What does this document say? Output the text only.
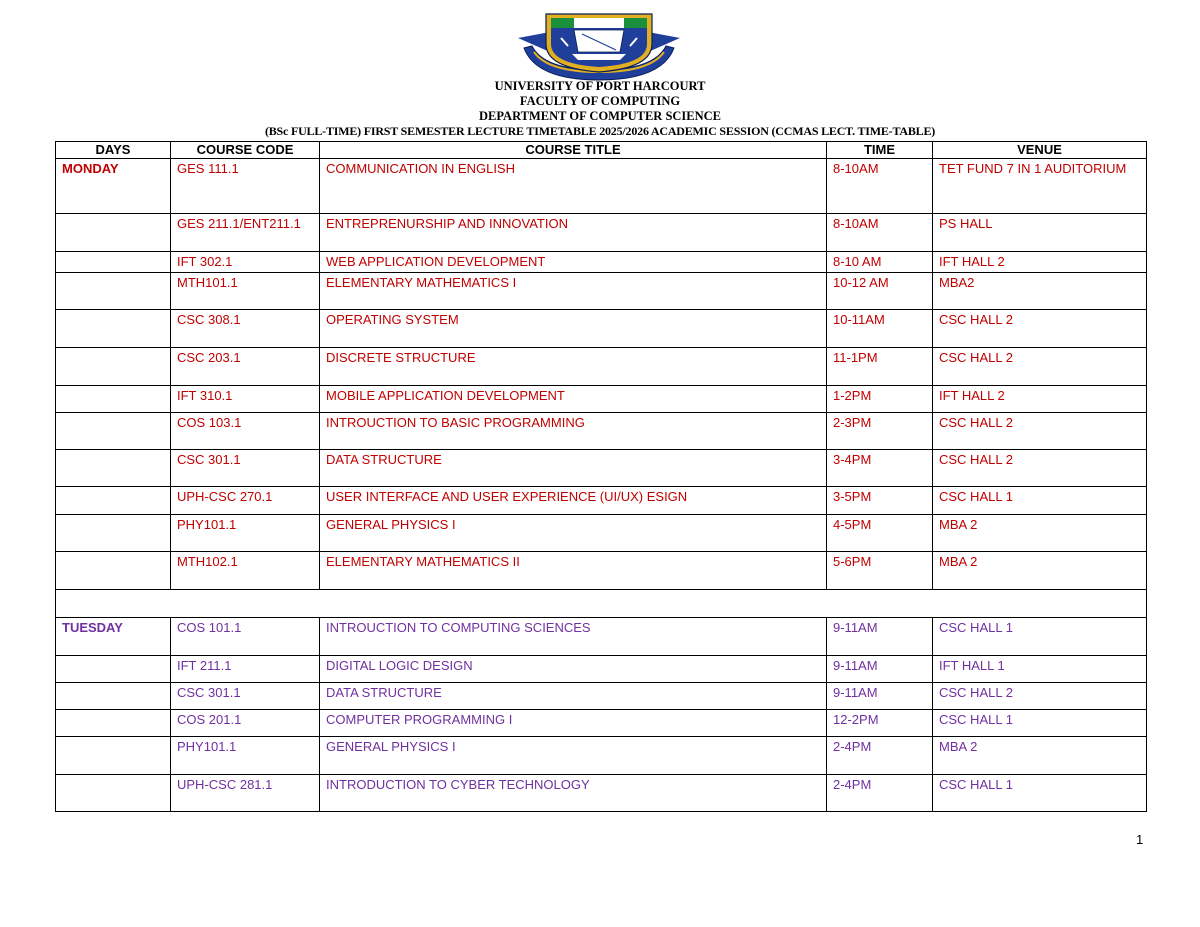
UNIVERSITY OF PORT HARCOURT
FACULTY OF COMPUTING
DEPARTMENT OF COMPUTER SCIENCE
(BSc FULL-TIME) FIRST SEMESTER LECTURE TIMETABLE 2025/2026 ACADEMIC SESSION (CCMAS LECT. TIME-TABLE)
DAYS	COURSE CODE	COURSE TITLE	TIME	VENUE
MONDAY	GES 111.1	COMMUNICATION IN ENGLISH	8-10AM	TET FUND 7 IN 1 AUDITORIUM
	GES 211.1/ENT211.1	ENTREPRENURSHIP AND INNOVATION	8-10AM	PS HALL
	IFT 302.1	WEB APPLICATION DEVELOPMENT	8-10 AM	IFT HALL 2
	MTH101.1	ELEMENTARY MATHEMATICS I	10-12 AM	MBA2
	CSC 308.1	OPERATING SYSTEM	10-11AM	CSC HALL 2
	CSC 203.1	DISCRETE STRUCTURE	11-1PM	CSC HALL 2
	IFT 310.1	MOBILE APPLICATION DEVELOPMENT	1-2PM	IFT HALL 2
	COS 103.1	INTROUCTION TO BASIC PROGRAMMING	2-3PM	CSC HALL 2
	CSC 301.1	DATA STRUCTURE	3-4PM	CSC HALL 2
	UPH-CSC 270.1	USER INTERFACE AND USER EXPERIENCE (UI/UX) ESIGN	3-5PM	CSC HALL 1
	PHY101.1	GENERAL PHYSICS I	4-5PM	MBA 2
	MTH102.1	ELEMENTARY MATHEMATICS II	5-6PM	MBA 2

TUESDAY	COS 101.1	INTROUCTION TO COMPUTING SCIENCES	9-11AM	CSC HALL 1
	IFT 211.1	DIGITAL LOGIC DESIGN	9-11AM	IFT HALL 1
	CSC 301.1	DATA STRUCTURE	9-11AM	CSC HALL 2
	COS 201.1	COMPUTER PROGRAMMING I	12-2PM	CSC HALL 1
	PHY101.1	GENERAL PHYSICS I	2-4PM	MBA 2
	UPH-CSC 281.1	INTRODUCTION TO CYBER TECHNOLOGY	2-4PM	CSC HALL 1
1
